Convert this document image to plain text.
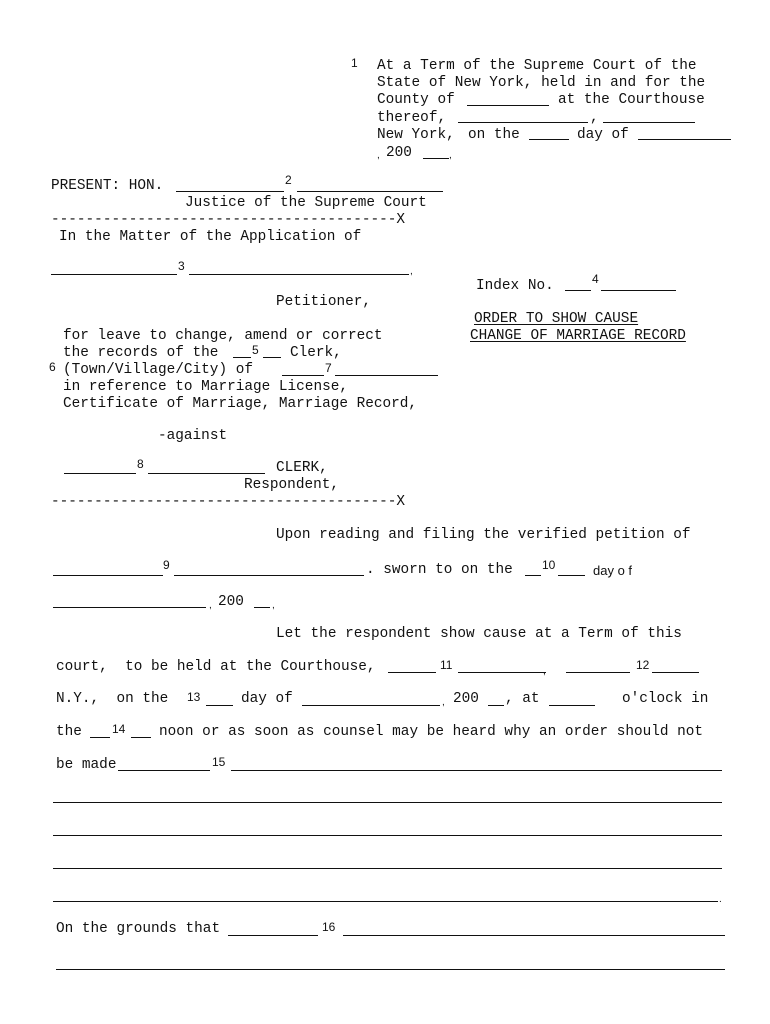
1 At a Term of the Supreme Court of the
State of New York, held in and for the
County of	at the Courthouse
thereof,	,
New York, on the	day of
, 200	,
PRESENT: HON.	2
Justice of the Supreme Court
----------------------------------------X
In the Matter of the Application of
3	,
Petitioner,
for leave to change, amend or correct
the records of the	5 Clerk,
6 (Town/Village/City) of	7
in reference to Marriage License,
Certificate of Marriage, Marriage Record,
-against
8	CLERK,
Respondent,
Index No.	4
ORDER TO SHOW CAUSE
CHANGE OF MARRIAGE RECORD
----------------------------------------X
Upon reading and filing the verified petition of
9	. sworn to on the 10	day o f
, 200	,
Let the respondent show cause at a Term of this
court,  to be held at the Courthouse,	11	,	12
N.Y.,  on the 13	day of	, 200 , at	o'clock in
the	14 noon or as soon as counsel may be heard why an order should not
be made	15
.
On the grounds that	16
